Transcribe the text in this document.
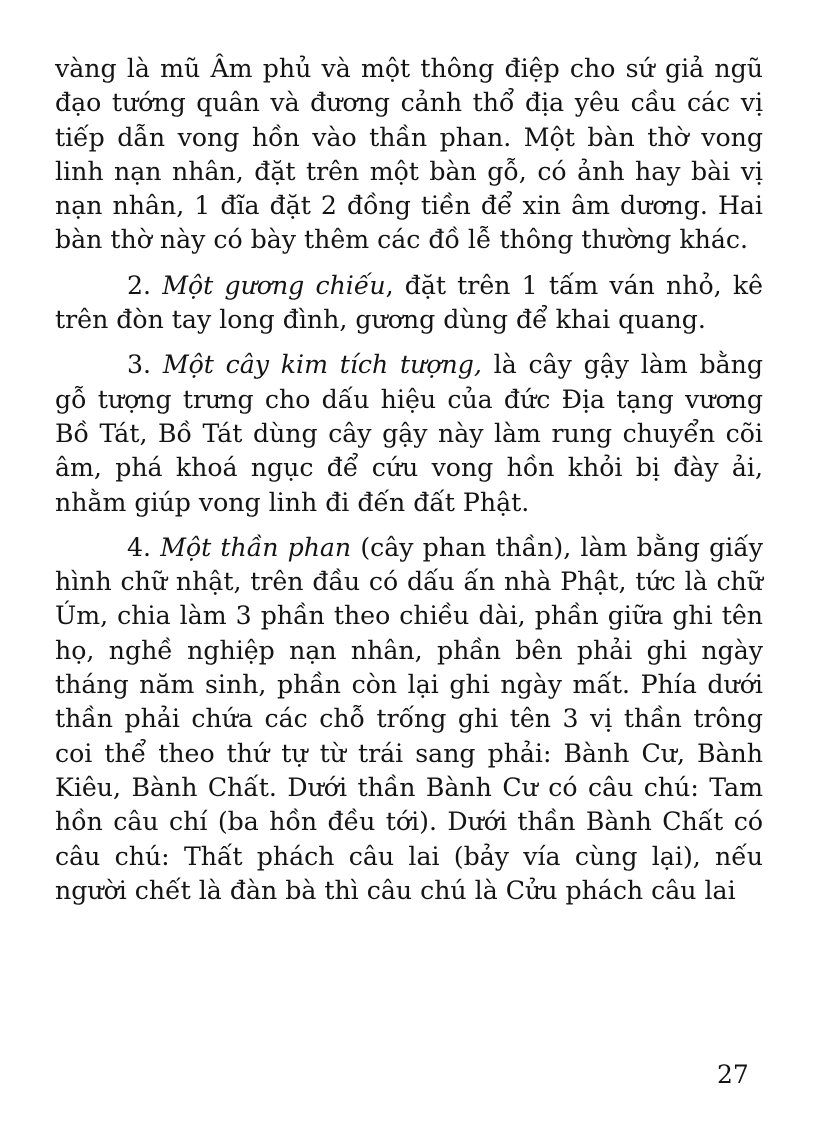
vàng là mũ Âm phủ và một thông điệp cho sứ giả ngũ đạo tướng quân và đương cảnh thổ địa yêu cầu các vị tiếp dẫn vong hồn vào thần phan. Một bàn thờ vong linh nạn nhân, đặt trên một bàn gỗ, có ảnh hay bài vị nạn nhân, 1 đĩa đặt 2 đồng tiền để xin âm dương. Hai bàn thờ này có bày thêm các đồ lễ thông thường khác.

2. Một gương chiếu, đặt trên 1 tấm ván nhỏ, kê trên đòn tay long đình, gương dùng để khai quang.

3. Một cây kim tích tượng, là cây gậy làm bằng gỗ tượng trưng cho dấu hiệu của đức Địa tạng vương Bồ Tát, Bồ Tát dùng cây gậy này làm rung chuyển cõi âm, phá khoá ngục để cứu vong hồn khỏi bị đày ải, nhằm giúp vong linh đi đến đất Phật.

4. Một thần phan (cây phan thần), làm bằng giấy hình chữ nhật, trên đầu có dấu ấn nhà Phật, tức là chữ Úm, chia làm 3 phần theo chiều dài, phần giữa ghi tên họ, nghề nghiệp nạn nhân, phần bên phải ghi ngày tháng năm sinh, phần còn lại ghi ngày mất. Phía dưới thần phải chứa các chỗ trống ghi tên 3 vị thần trông coi thể theo thứ tự từ trái sang phải: Bành Cư, Bành Kiêu, Bành Chất. Dưới thần Bành Cư có câu chú: Tam hồn câu chí (ba hồn đều tới). Dưới thần Bành Chất có câu chú: Thất phách câu lai (bảy vía cùng lại), nếu người chết là đàn bà thì câu chú là Cửu phách câu lai

27
